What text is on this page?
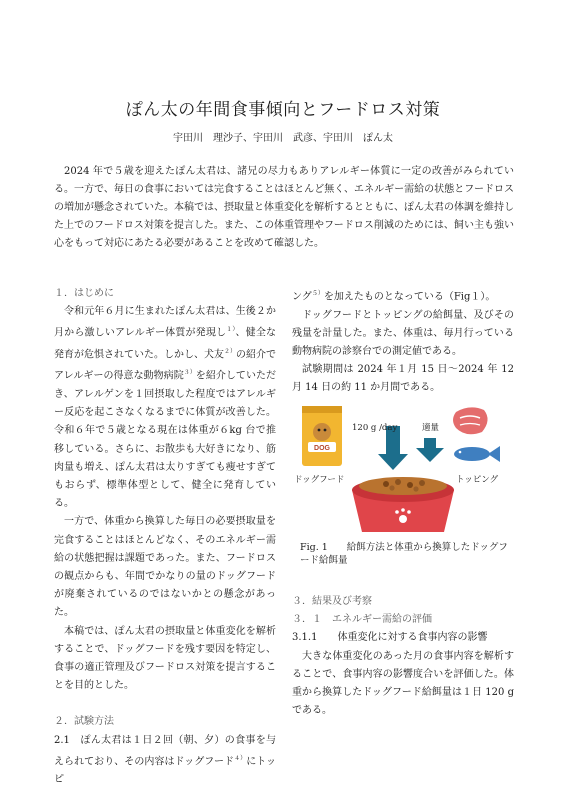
ぽん太の年間食事傾向とフードロス対策
宇田川　理沙子、宇田川　武彦、宇田川　ぽん太

2024 年で５歳を迎えたぽん太君は、諸兄の尽力もありアレルギー体質に一定の改善がみられている。一方で、毎日の食事においては完食することはほとんど無く、エネルギー需給の状態とフードロスの増加が懸念されていた。本稿では、摂取量と体重変化を解析するとともに、ぽん太君の体調を維持した上でのフードロス対策を提言した。また、この体重管理やフードロス削減のためには、飼い主も強い心をもって対応にあたる必要があることを改めて確認した。

１．はじめに

令和元年６月に生まれたぽん太君は、生後２か月から激しいアレルギー体質が発現し$^{1)}$、健全な発育が危惧されていた。しかし、犬友$^{2)}$の紹介でアレルギーの得意な動物病院$^{3)}$を紹介していただき、アレルゲンを１回摂取した程度ではアレルギー反応を起こさなくなるまでに体質が改善した。令和６年で５歳となる現在は体重が６kg 台で推移している。さらに、お散歩も大好きになり、筋肉量も増え、ぽん太君は太りすぎても痩せすぎてもおらず、標準体型として、健全に発育している。

一方で、体重から換算した毎日の必要摂取量を完食することはほとんどなく、そのエネルギー需給の状態把握は課題であった。また、フードロスの観点からも、年間でかなりの量のドッグフードが廃棄されているのではないかとの懸念があった。

本稿では、ぽん太君の摂取量と体重変化を解析することで、ドッグフードを残す要因を特定し、食事の適正管理及びフードロス対策を提言することを目的とした。

２．試験方法

2.1　ぽん太君は１日２回（朝、夕）の食事を与えられており、その内容はドッグフード$^{4)}$にトッピ

ング$^{5)}$を加えたものとなっている（Fig１）。

ドッグフードとトッピングの給餌量、及びその残量を計量した。また、体重は、毎月行っている動物病院の診察台での測定値である。

試験期間は 2024 年１月 15 日～2024 年 12 月 14 日の約 11 か月間である。

DOG
120 g /day	適量
トッピング
ドッグフード
Fig. 1　　給餌方法と体重から換算したドッグフード給餌量

３．結果及び考察

３．１　エネルギー需給の評価

3.1.1　　体重変化に対する食事内容の影響

大きな体重変化のあった月の食事内容を解析することで、食事内容の影響度合いを評価した。体重から換算したドッグフード給餌量は１日 120 g である。
